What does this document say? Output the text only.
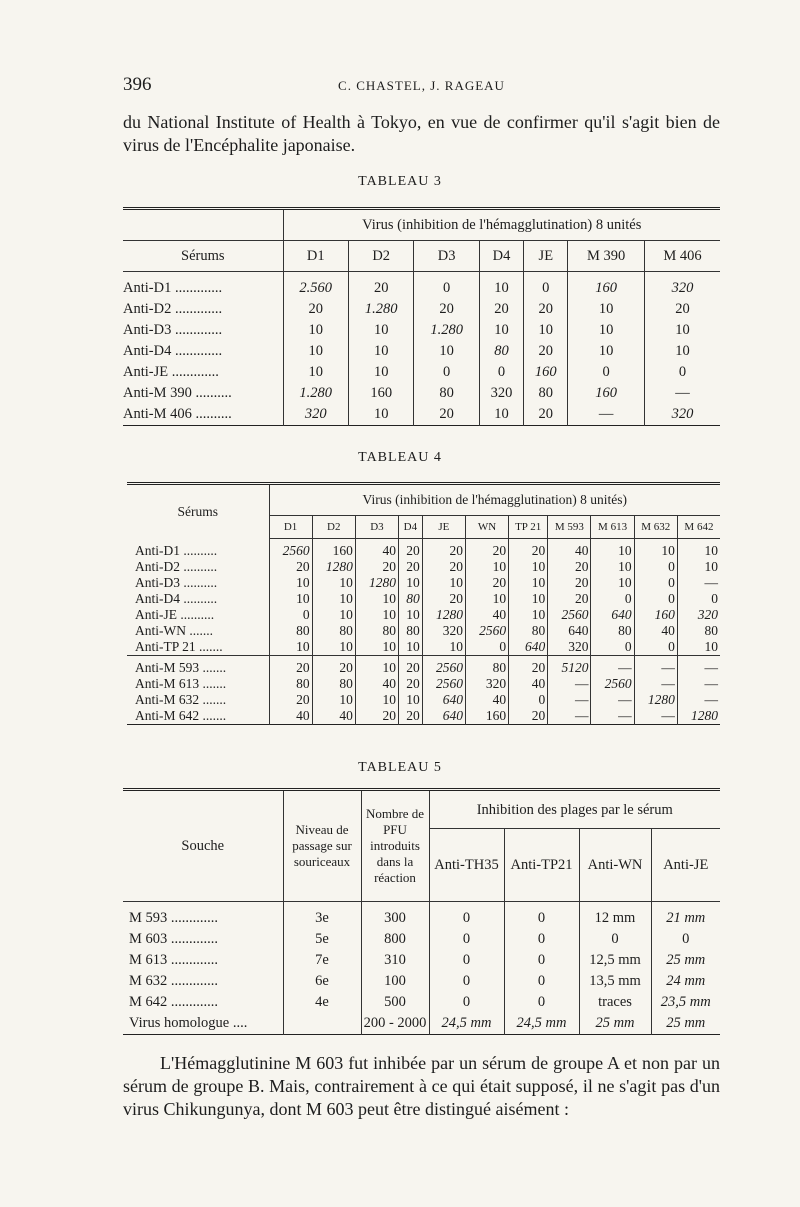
396	C. CHASTEL, J. RAGEAU

du National Institute of Health à Tokyo, en vue de confirmer qu'il s'agit bien de virus de l'Encéphalite japonaise.

TABLEAU 3
	Virus (inhibition de l'hémagglutination) 8 unités						
Sérums	D1	D2	D3	D4	JE	M 390	M 406

Anti-D1 .............	2.560	20	0	10	0	160	320
Anti-D2 .............	20	1.280	20	20	20	10	20
Anti-D3 .............	10	10	1.280	10	10	10	10
Anti-D4 .............	10	10	10	80	20	10	10
Anti-JE .............	10	10	0	0	160	0	0
Anti-M 390 ..........	1.280	160	80	320	80	160	—
Anti-M 406 ..........	320	10	20	10	20	—	320
TABLEAU 4
Sérums	Virus (inhibition de l'hémagglutination) 8 unités)										
	D1	D2	D3	D4	JE	WN	TP 21	M 593	M 613	M 632	M 642

Anti-D1 ..........	2560	160	40	20	20	20	20	40	10	10	10
Anti-D2 ..........	20	1280	20	20	20	10	10	20	10	0	10
Anti-D3 ..........	10	10	1280	10	10	20	10	20	10	0	—
Anti-D4 ..........	10	10	10	80	20	10	10	20	0	0	0
Anti-JE ..........	0	10	10	10	1280	40	10	2560	640	160	320
Anti-WN .......	80	80	80	80	320	2560	80	640	80	40	80
Anti-TP 21 .......	10	10	10	10	10	0	640	320	0	0	10

Anti-M 593 .......	20	20	10	20	2560	80	20	5120	—	—	—
Anti-M 613 .......	80	80	40	20	2560	320	40	—	2560	—	—
Anti-M 632 .......	20	10	10	10	640	40	0	—	—	1280	—
Anti-M 642 .......	40	40	20	20	640	160	20	—	—	—	1280
TABLEAU 5
Souche	Niveau de passage sur souriceaux	Nombre de PFU introduits dans la réaction	Inhibition des plages par le sérum			
			Anti-TH35	Anti-TP21	Anti-WN	Anti-JE
M 593 .............	3e	300	0	0	12 mm	21 mm
M 603 .............	5e	800	0	0	0	0
M 613 .............	7e	310	0	0	12,5 mm	25 mm
M 632 .............	6e	100	0	0	13,5 mm	24 mm
M 642 .............	4e	500	0	0	traces	23,5 mm
Virus homologue ....		200 - 2000	24,5 mm	24,5 mm	25 mm	25 mm

L'Hémagglutinine M 603 fut inhibée par un sérum de groupe A et non par un sérum de groupe B. Mais, contrairement à ce qui était supposé, il ne s'agit pas d'un virus Chikungunya, dont M 603 peut être distingué aisément :
